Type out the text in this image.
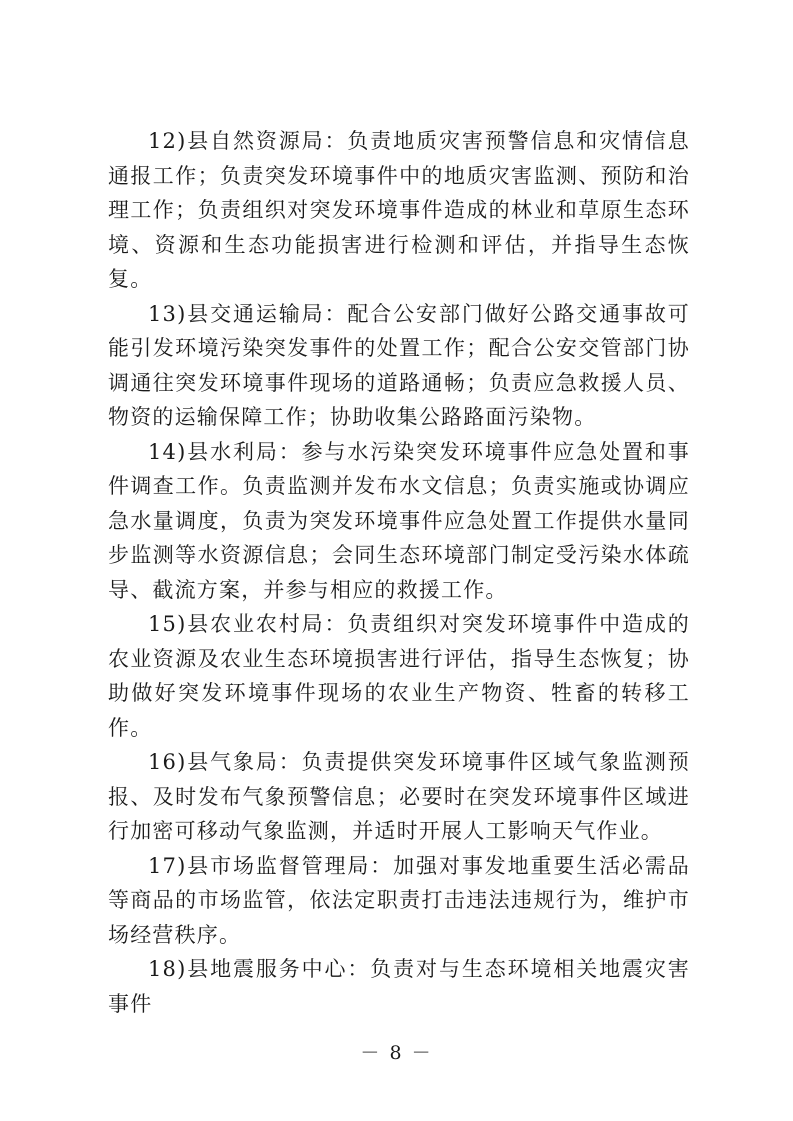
12)县自然资源局：负责地质灾害预警信息和灾情信息通报工作；负责突发环境事件中的地质灾害监测、预防和治理工作；负责组织对突发环境事件造成的林业和草原生态环境、资源和生态功能损害进行检测和评估，并指导生态恢复。

13)县交通运输局：配合公安部门做好公路交通事故可能引发环境污染突发事件的处置工作；配合公安交管部门协调通往突发环境事件现场的道路通畅；负责应急救援人员、物资的运输保障工作；协助收集公路路面污染物。

14)县水利局：参与水污染突发环境事件应急处置和事件调查工作。负责监测并发布水文信息；负责实施或协调应急水量调度，负责为突发环境事件应急处置工作提供水量同步监测等水资源信息；会同生态环境部门制定受污染水体疏导、截流方案，并参与相应的救援工作。

15)县农业农村局：负责组织对突发环境事件中造成的农业资源及农业生态环境损害进行评估，指导生态恢复；协助做好突发环境事件现场的农业生产物资、牲畜的转移工作。

16)县气象局：负责提供突发环境事件区域气象监测预报、及时发布气象预警信息；必要时在突发环境事件区域进行加密可移动气象监测，并适时开展人工影响天气作业。

17)县市场监督管理局：加强对事发地重要生活必需品等商品的市场监管，依法定职责打击违法违规行为，维护市场经营秩序。

18)县地震服务中心：负责对与生态环境相关地震灾害事件

－ 8 －
